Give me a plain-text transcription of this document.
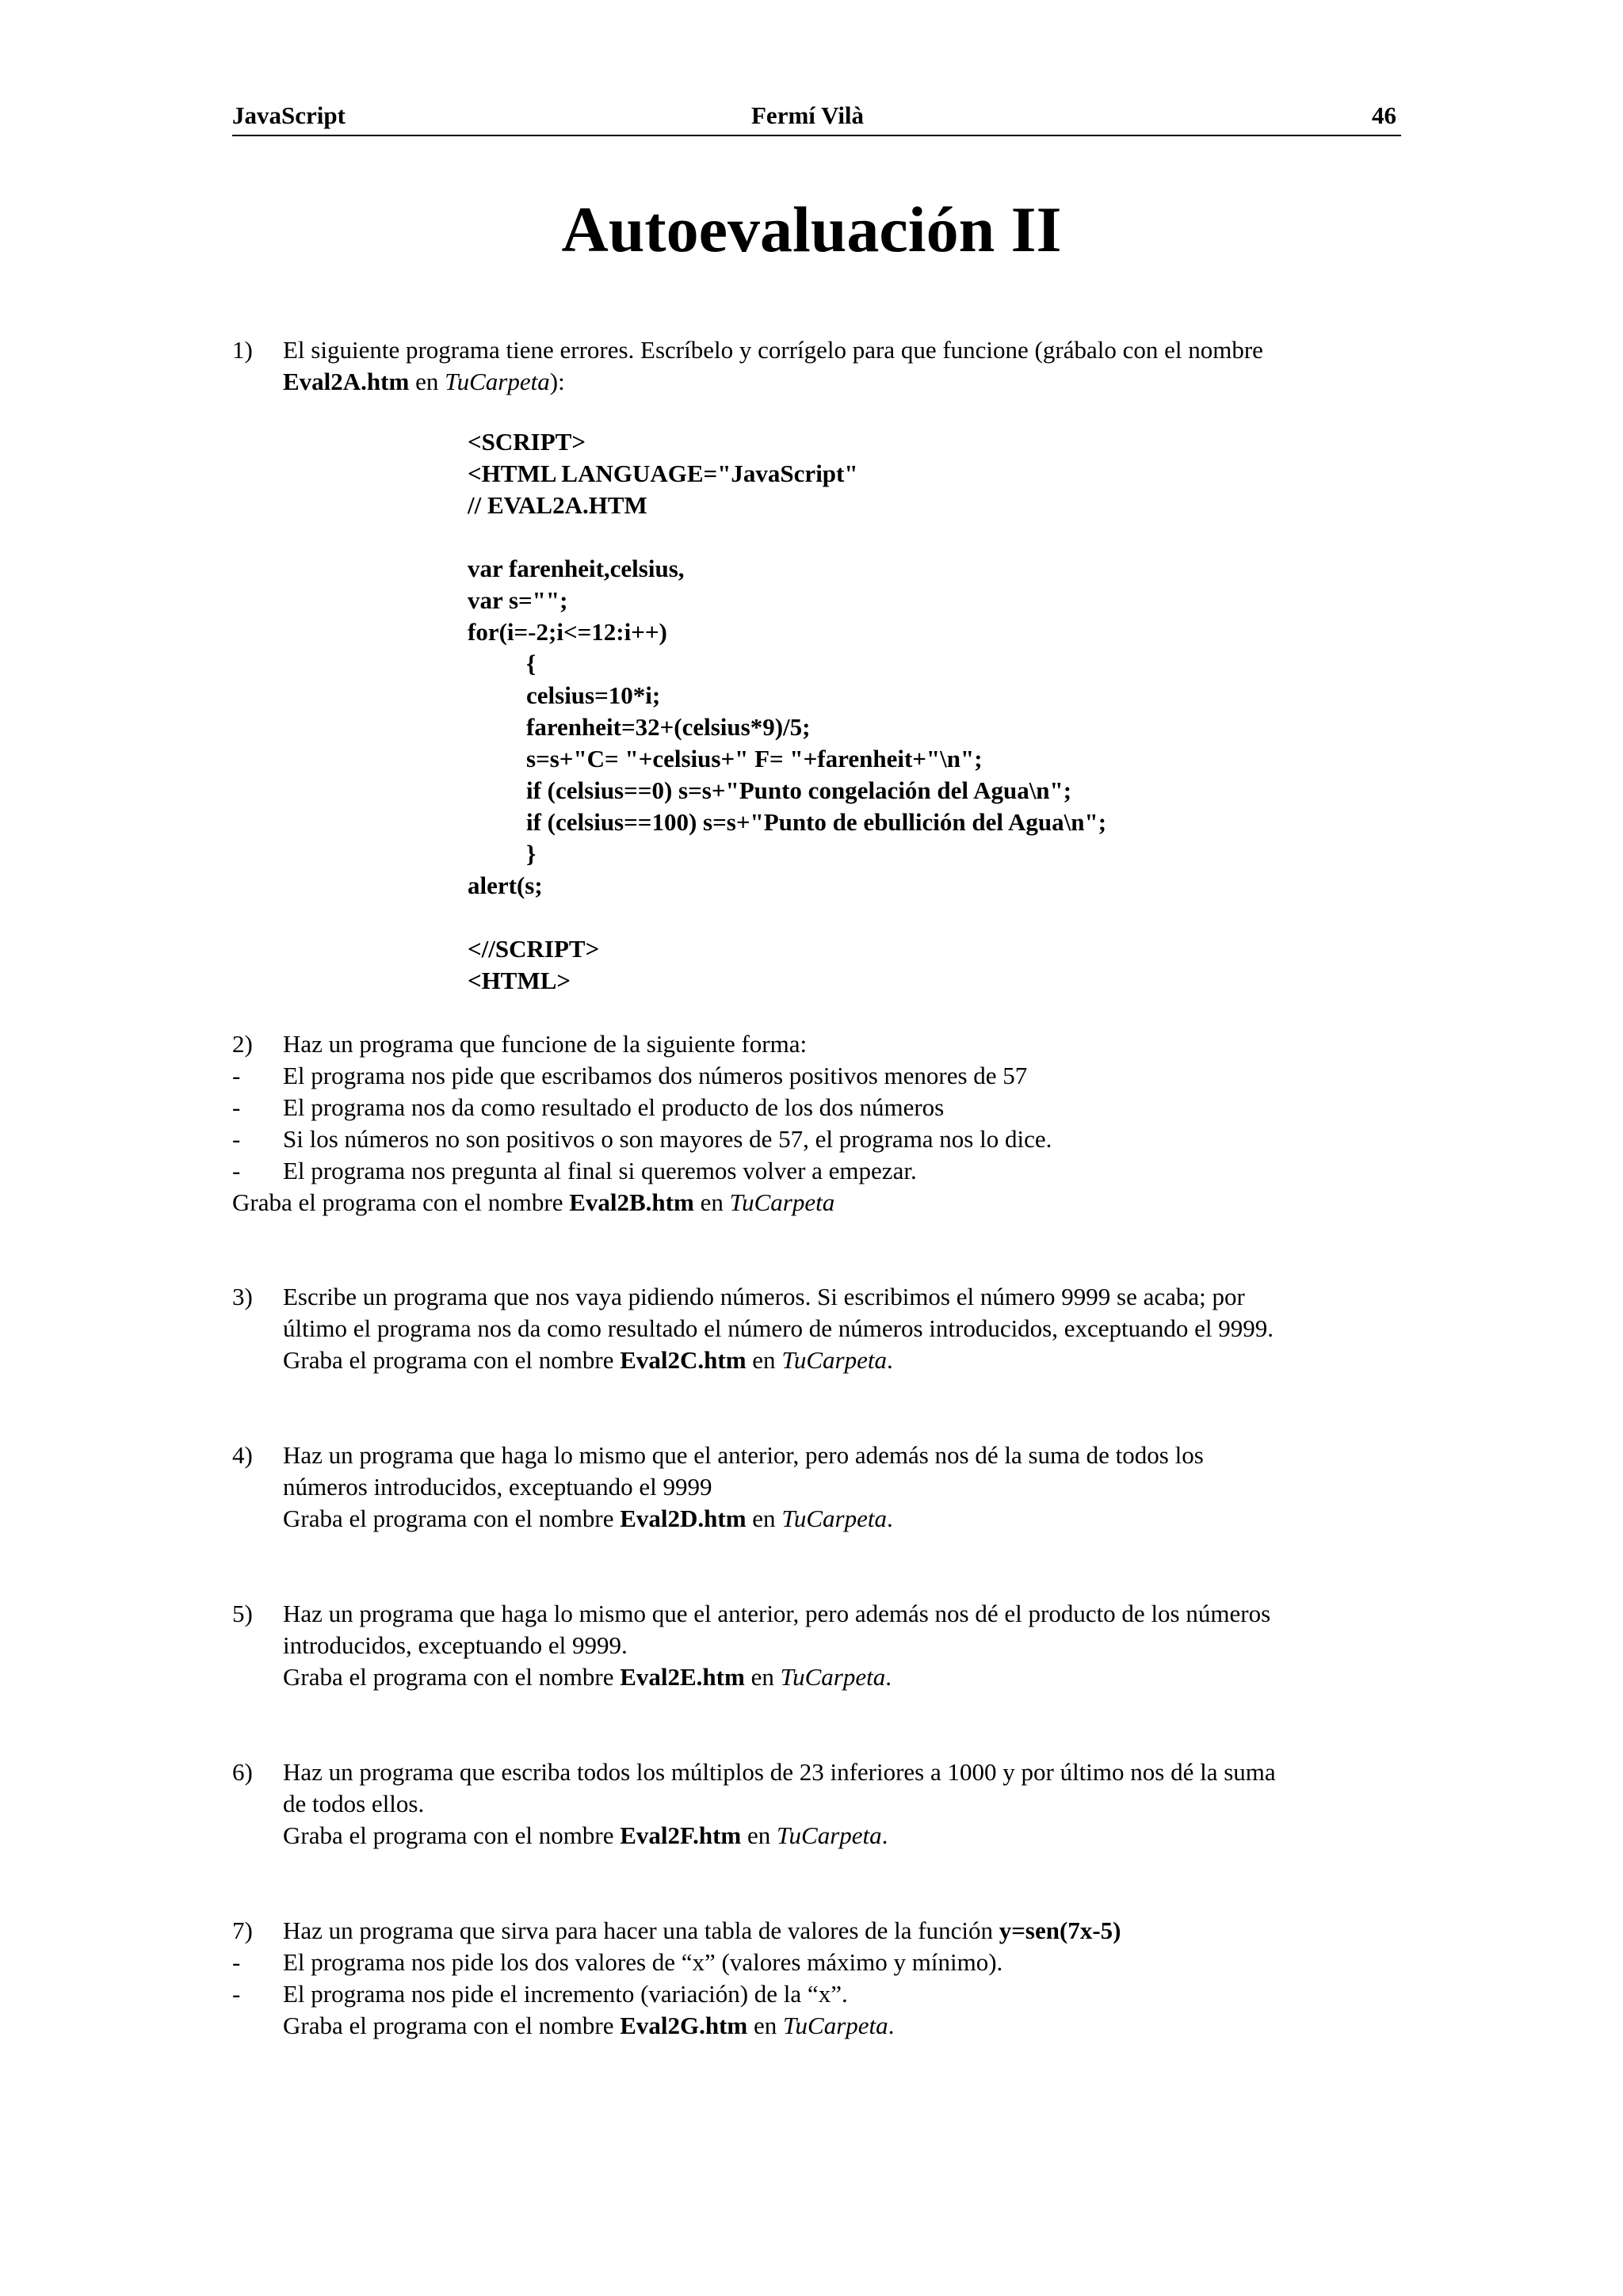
JavaScript	Fermí Vilà	46
Autoevaluación II
1) El siguiente programa tiene errores. Escríbelo y corrígelo para que funcione (grábalo con el nombre
Eval2A.htm en TuCarpeta):
<SCRIPT>
<HTML LANGUAGE="JavaScript"
// EVAL2A.HTM
var farenheit,celsius,
var s="";
for(i=-2;i<=12:i++)
{
celsius=10*i;
farenheit=32+(celsius*9)/5;
s=s+"C= "+celsius+" F= "+farenheit+"\n";
if (celsius==0) s=s+"Punto congelación del Agua\n";
if (celsius==100) s=s+"Punto de ebullición del Agua\n";
}
alert(s;
<//SCRIPT>
<HTML>
2) Haz un programa que funcione de la siguiente forma:
- El programa nos pide que escribamos dos números positivos menores de 57
- El programa nos da como resultado el producto de los dos números
- Si los números no son positivos o son mayores de 57, el programa nos lo dice.
- El programa nos pregunta al final si queremos volver a empezar.
Graba el programa con el nombre Eval2B.htm en TuCarpeta
3) Escribe un programa que nos vaya pidiendo números. Si escribimos el número 9999 se acaba; por
último el programa nos da como resultado el número de números introducidos, exceptuando el 9999.
Graba el programa con el nombre Eval2C.htm en TuCarpeta.
4) Haz un programa que haga lo mismo que el anterior, pero además nos dé la suma de todos los
números introducidos, exceptuando el 9999
Graba el programa con el nombre Eval2D.htm en TuCarpeta.
5) Haz un programa que haga lo mismo que el anterior, pero además nos dé el producto de los números
introducidos, exceptuando el 9999.
Graba el programa con el nombre Eval2E.htm en TuCarpeta.
6) Haz un programa que escriba todos los múltiplos de 23 inferiores a 1000 y por último nos dé la suma
de todos ellos.
Graba el programa con el nombre Eval2F.htm en TuCarpeta.
7) Haz un programa que sirva para hacer una tabla de valores de la función y=sen(7x-5)
- El programa nos pide los dos valores de “x” (valores máximo y mínimo).
- El programa nos pide el incremento (variación) de la “x”.
Graba el programa con el nombre Eval2G.htm en TuCarpeta.
